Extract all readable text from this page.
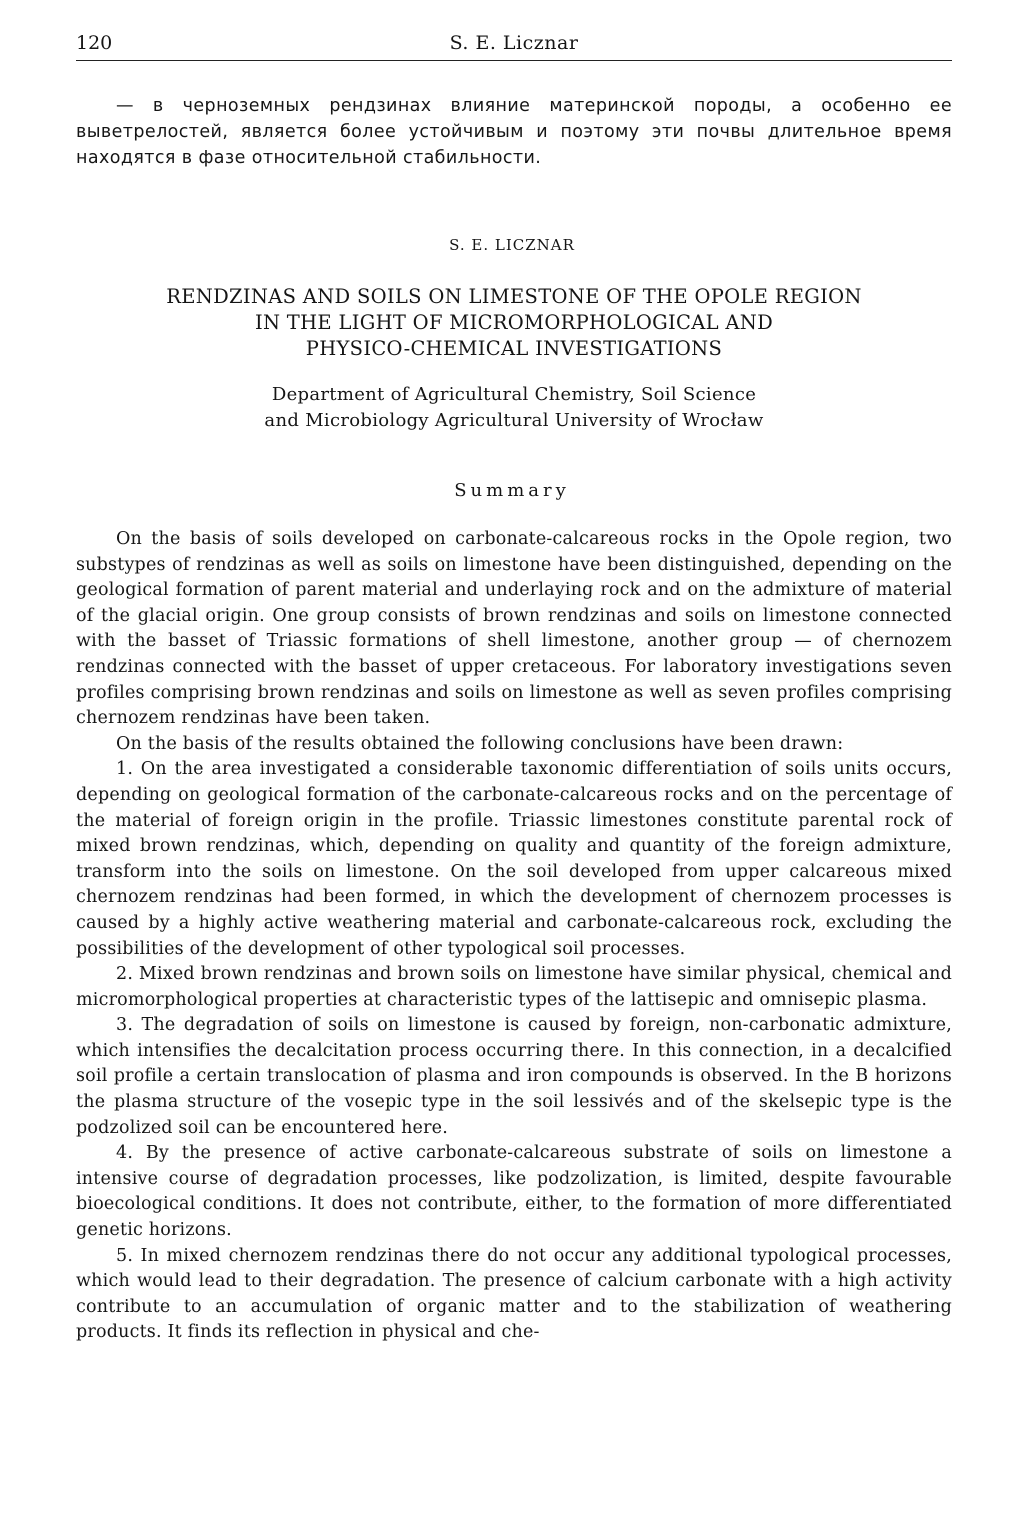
120	S. E. Licznar

— в черноземных рендзинах влияние материнской породы, а особенно ее выветрелостей, является более устойчивым и поэтому эти почвы длительное время находятся в фазе относительной стабильности.

S. E. LICZNAR
RENDZINAS AND SOILS ON LIMESTONE OF THE OPOLE REGION
IN THE LIGHT OF MICROMORPHOLOGICAL AND
PHYSICO-CHEMICAL INVESTIGATIONS
Department of Agricultural Chemistry, Soil Science
and Microbiology Agricultural University of Wrocław
Summary

On the basis of soils developed on carbonate-calcareous rocks in the Opole region, two substypes of rendzinas as well as soils on limestone have been distinguished, depending on the geological formation of parent material and underlaying rock and on the admixture of material of the glacial origin. One group consists of brown rendzinas and soils on limestone connected with the basset of Triassic formations of shell limestone, another group — of chernozem rendzinas connected with the basset of upper cretaceous. For laboratory investigations seven profiles comprising brown rendzinas and soils on limestone as well as seven profiles comprising chernozem rendzinas have been taken.

On the basis of the results obtained the following conclusions have been drawn:

1. On the area investigated a considerable taxonomic differentiation of soils units occurs, depending on geological formation of the carbonate-calcareous rocks and on the percentage of the material of foreign origin in the profile. Triassic limestones constitute parental rock of mixed brown rendzinas, which, depending on quality and quantity of the foreign admixture, transform into the soils on limestone. On the soil developed from upper calcareous mixed chernozem rendzinas had been formed, in which the development of chernozem processes is caused by a highly active weathering material and carbonate-calcareous rock, excluding the possibilities of the development of other typological soil processes.

2. Mixed brown rendzinas and brown soils on limestone have similar physical, chemical and micromorphological properties at characteristic types of the lattisepic and omnisepic plasma.

3. The degradation of soils on limestone is caused by foreign, non-carbonatic admixture, which intensifies the decalcitation process occurring there. In this connection, in a decalcified soil profile a certain translocation of plasma and iron compounds is observed. In the B horizons the plasma structure of the vosepic type in the soil lessivés and of the skelsepic type is the podzolized soil can be encountered here.

4. By the presence of active carbonate-calcareous substrate of soils on limestone a intensive course of degradation processes, like podzolization, is limited, despite favourable bioecological conditions. It does not contribute, either, to the formation of more differentiated genetic horizons.

5. In mixed chernozem rendzinas there do not occur any additional typological processes, which would lead to their degradation. The presence of calcium carbonate with a high activity contribute to an accumulation of organic matter and to the stabilization of weathering products. It finds its reflection in physical and che-
